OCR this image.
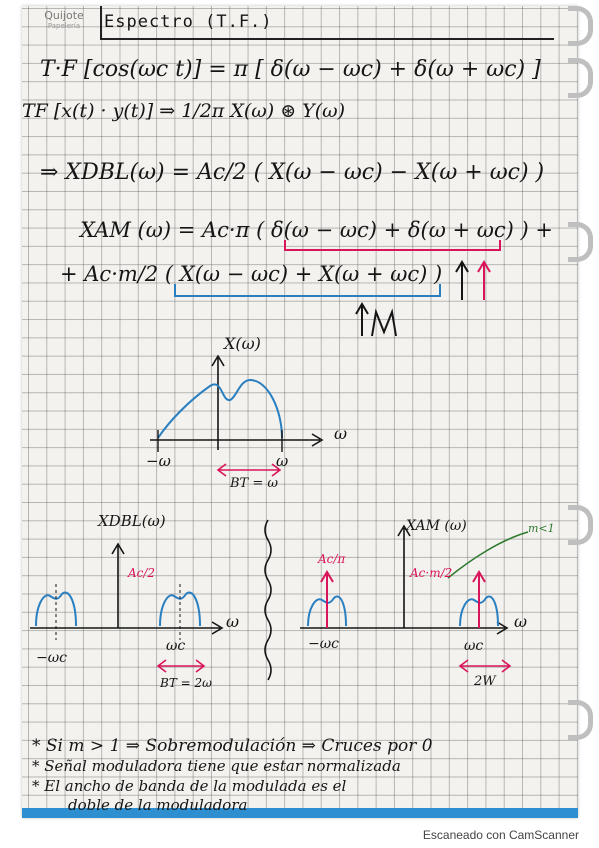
Quijote
Papelería	Espectro (T.F.)
T·F [cos(ωc t)] = π [ δ(ω − ωc) + δ(ω + ωc) ]
TF [x(t) · y(t)] ⇒ 1/2π X(ω) ⊛ Y(ω)
⇒ XDBL(ω) = Ac/2 ( X(ω − ωc) − X(ω + ωc) )
XAM (ω) = Ac·π ( δ(ω − ωc) + δ(ω + ωc) ) +
+ Ac·m/2 ( X(ω − ωc) + X(ω + ωc) )
X(ω)
ω
−ω	ω
BT = ω
XDBL(ω)
ω
Ac/2
−ωc
ωc
BT = 2ω
XAM (ω)
ω
Ac/π
Ac·m/2
m<1
−ωc	ωc
2W
* Si m > 1 ⇒ Sobremodulación ⇒ Cruces por 0
* Señal moduladora tiene que estar normalizada
* El ancho de banda de la modulada es el
doble de la moduladora
Escaneado con CamScanner
